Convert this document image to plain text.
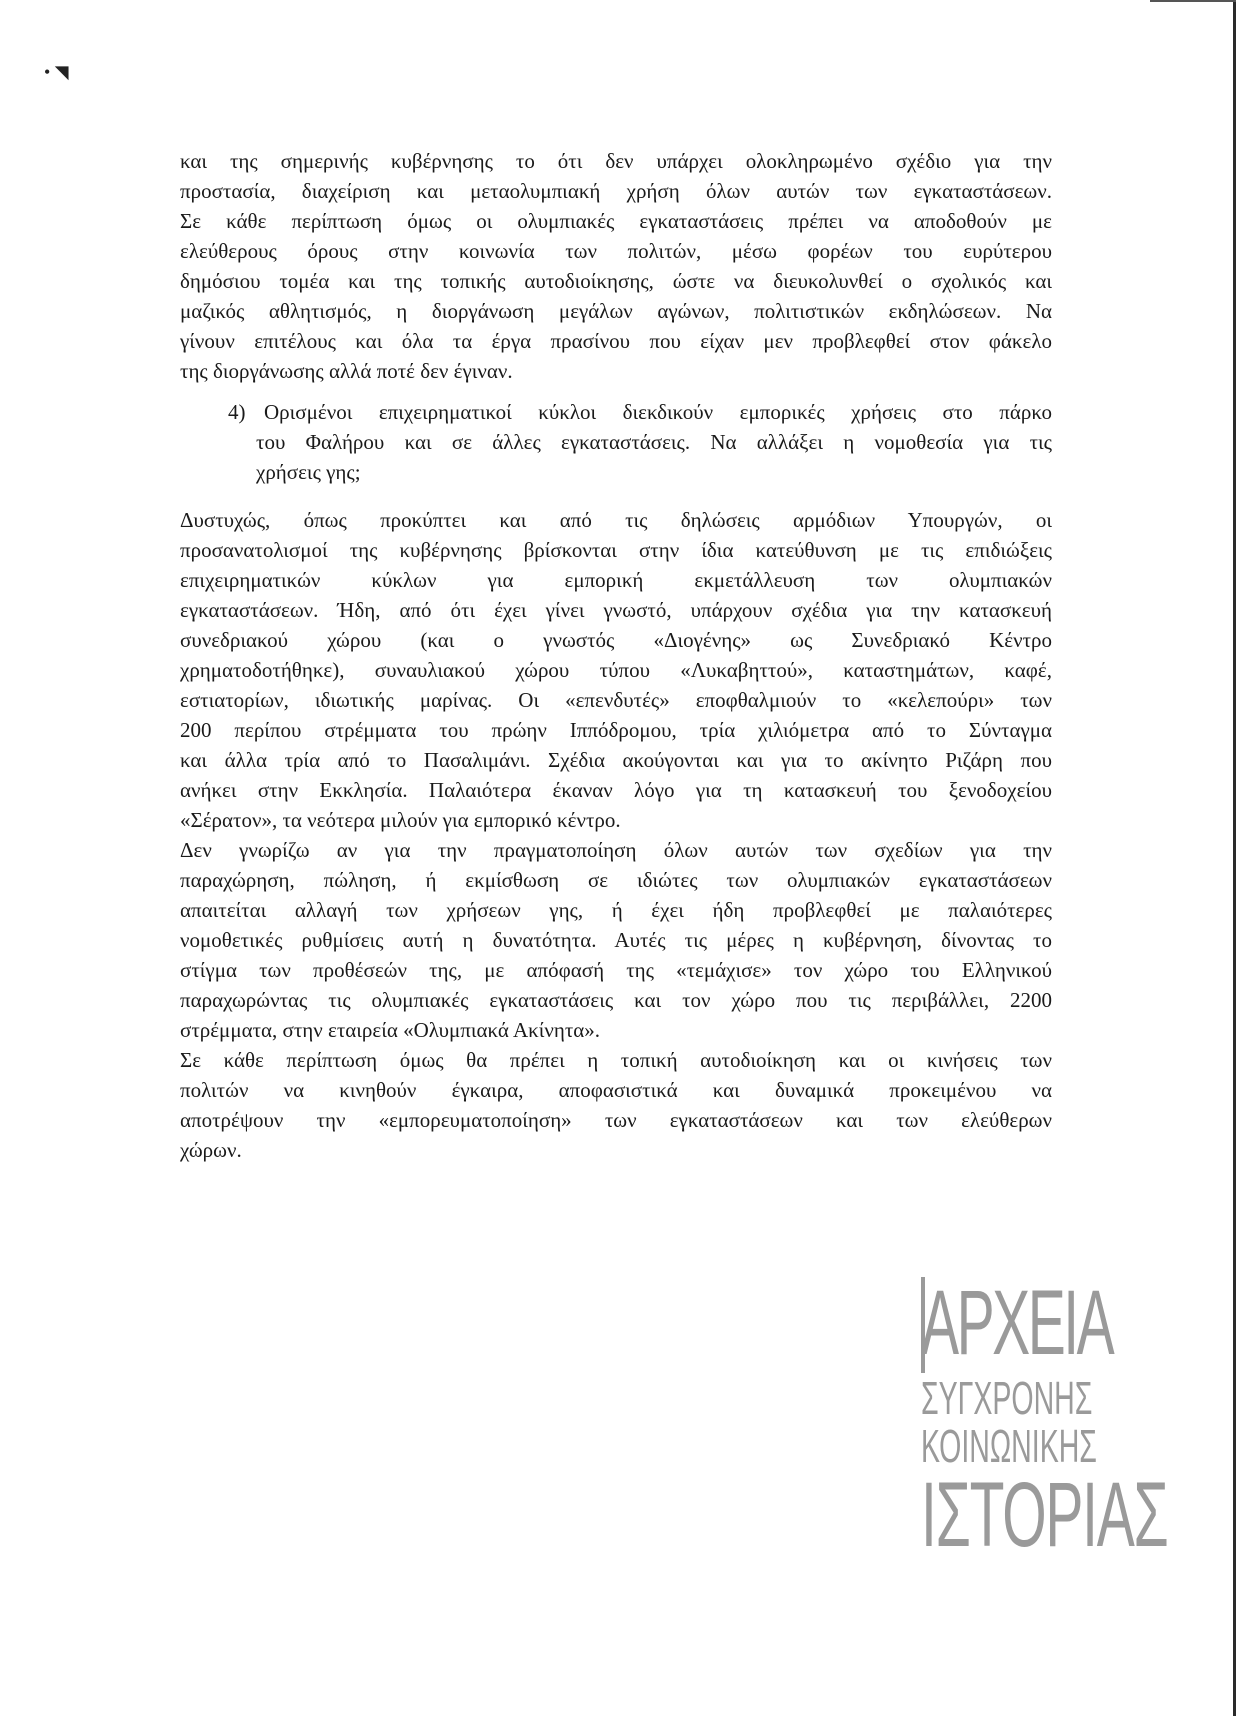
• ◥

και της σημερινής κυβέρνησης το ότι δεν υπάρχει ολοκληρωμένο σχέδιο για την

προστασία, διαχείριση και μεταολυμπιακή χρήση όλων αυτών των εγκαταστάσεων.

Σε κάθε περίπτωση όμως οι ολυμπιακές εγκαταστάσεις πρέπει να αποδοθούν με

ελεύθερους όρους στην κοινωνία των πολιτών, μέσω φορέων του ευρύτερου

δημόσιου τομέα και της τοπικής αυτοδιοίκησης, ώστε να διευκολυνθεί ο σχολικός και

μαζικός αθλητισμός, η διοργάνωση μεγάλων αγώνων, πολιτιστικών εκδηλώσεων. Να

γίνουν επιτέλους και όλα τα έργα πρασίνου που είχαν μεν προβλεφθεί στον φάκελο

της διοργάνωσης αλλά ποτέ δεν έγιναν.

4) Ορισμένοι επιχειρηματικοί κύκλοι διεκδικούν εμπορικές χρήσεις στο πάρκο

του Φαλήρου και σε άλλες εγκαταστάσεις. Να αλλάξει η νομοθεσία για τις

χρήσεις γης;

Δυστυχώς, όπως προκύπτει και από τις δηλώσεις αρμόδιων Υπουργών, οι

προσανατολισμοί της κυβέρνησης βρίσκονται στην ίδια κατεύθυνση με τις επιδιώξεις

επιχειρηματικών κύκλων για εμπορική εκμετάλλευση των ολυμπιακών

εγκαταστάσεων. Ήδη, από ότι έχει γίνει γνωστό, υπάρχουν σχέδια για την κατασκευή

συνεδριακού χώρου (και ο γνωστός «Διογένης» ως Συνεδριακό Κέντρο

χρηματοδοτήθηκε), συναυλιακού χώρου τύπου «Λυκαβηττού», καταστημάτων, καφέ,

εστιατορίων, ιδιωτικής μαρίνας. Οι «επενδυτές» εποφθαλμιούν το «κελεπούρι» των

200 περίπου στρέμματα του πρώην Ιππόδρομου, τρία χιλιόμετρα από το Σύνταγμα

και άλλα τρία από το Πασαλιμάνι. Σχέδια ακούγονται και για το ακίνητο Ριζάρη που

ανήκει στην Εκκλησία. Παλαιότερα έκαναν λόγο για τη κατασκευή του ξενοδοχείου

«Σέρατον», τα νεότερα μιλούν για εμπορικό κέντρο.

Δεν γνωρίζω αν για την πραγματοποίηση όλων αυτών των σχεδίων για την

παραχώρηση, πώληση, ή εκμίσθωση σε ιδιώτες των ολυμπιακών εγκαταστάσεων

απαιτείται αλλαγή των χρήσεων γης, ή έχει ήδη προβλεφθεί με παλαιότερες

νομοθετικές ρυθμίσεις αυτή η δυνατότητα. Αυτές τις μέρες η κυβέρνηση, δίνοντας το

στίγμα των προθέσεών της, με απόφασή της «τεμάχισε» τον χώρο του Ελληνικού

παραχωρώντας τις ολυμπιακές εγκαταστάσεις και τον χώρο που τις περιβάλλει, 2200

στρέμματα, στην εταιρεία «Ολυμπιακά Ακίνητα».

Σε κάθε περίπτωση όμως θα πρέπει η τοπική αυτοδιοίκηση και οι κινήσεις των

πολιτών να κινηθούν έγκαιρα, αποφασιστικά και δυναμικά προκειμένου να

αποτρέψουν την «εμπορευματοποίηση» των εγκαταστάσεων και των ελεύθερων

χώρων.

ΑΡΧΕΙΑ
ΣΥΓΧΡΟΝΗΣ
ΚΟΙΝΩΝΙΚΗΣ
ΙΣΤΟΡΙΑΣ
